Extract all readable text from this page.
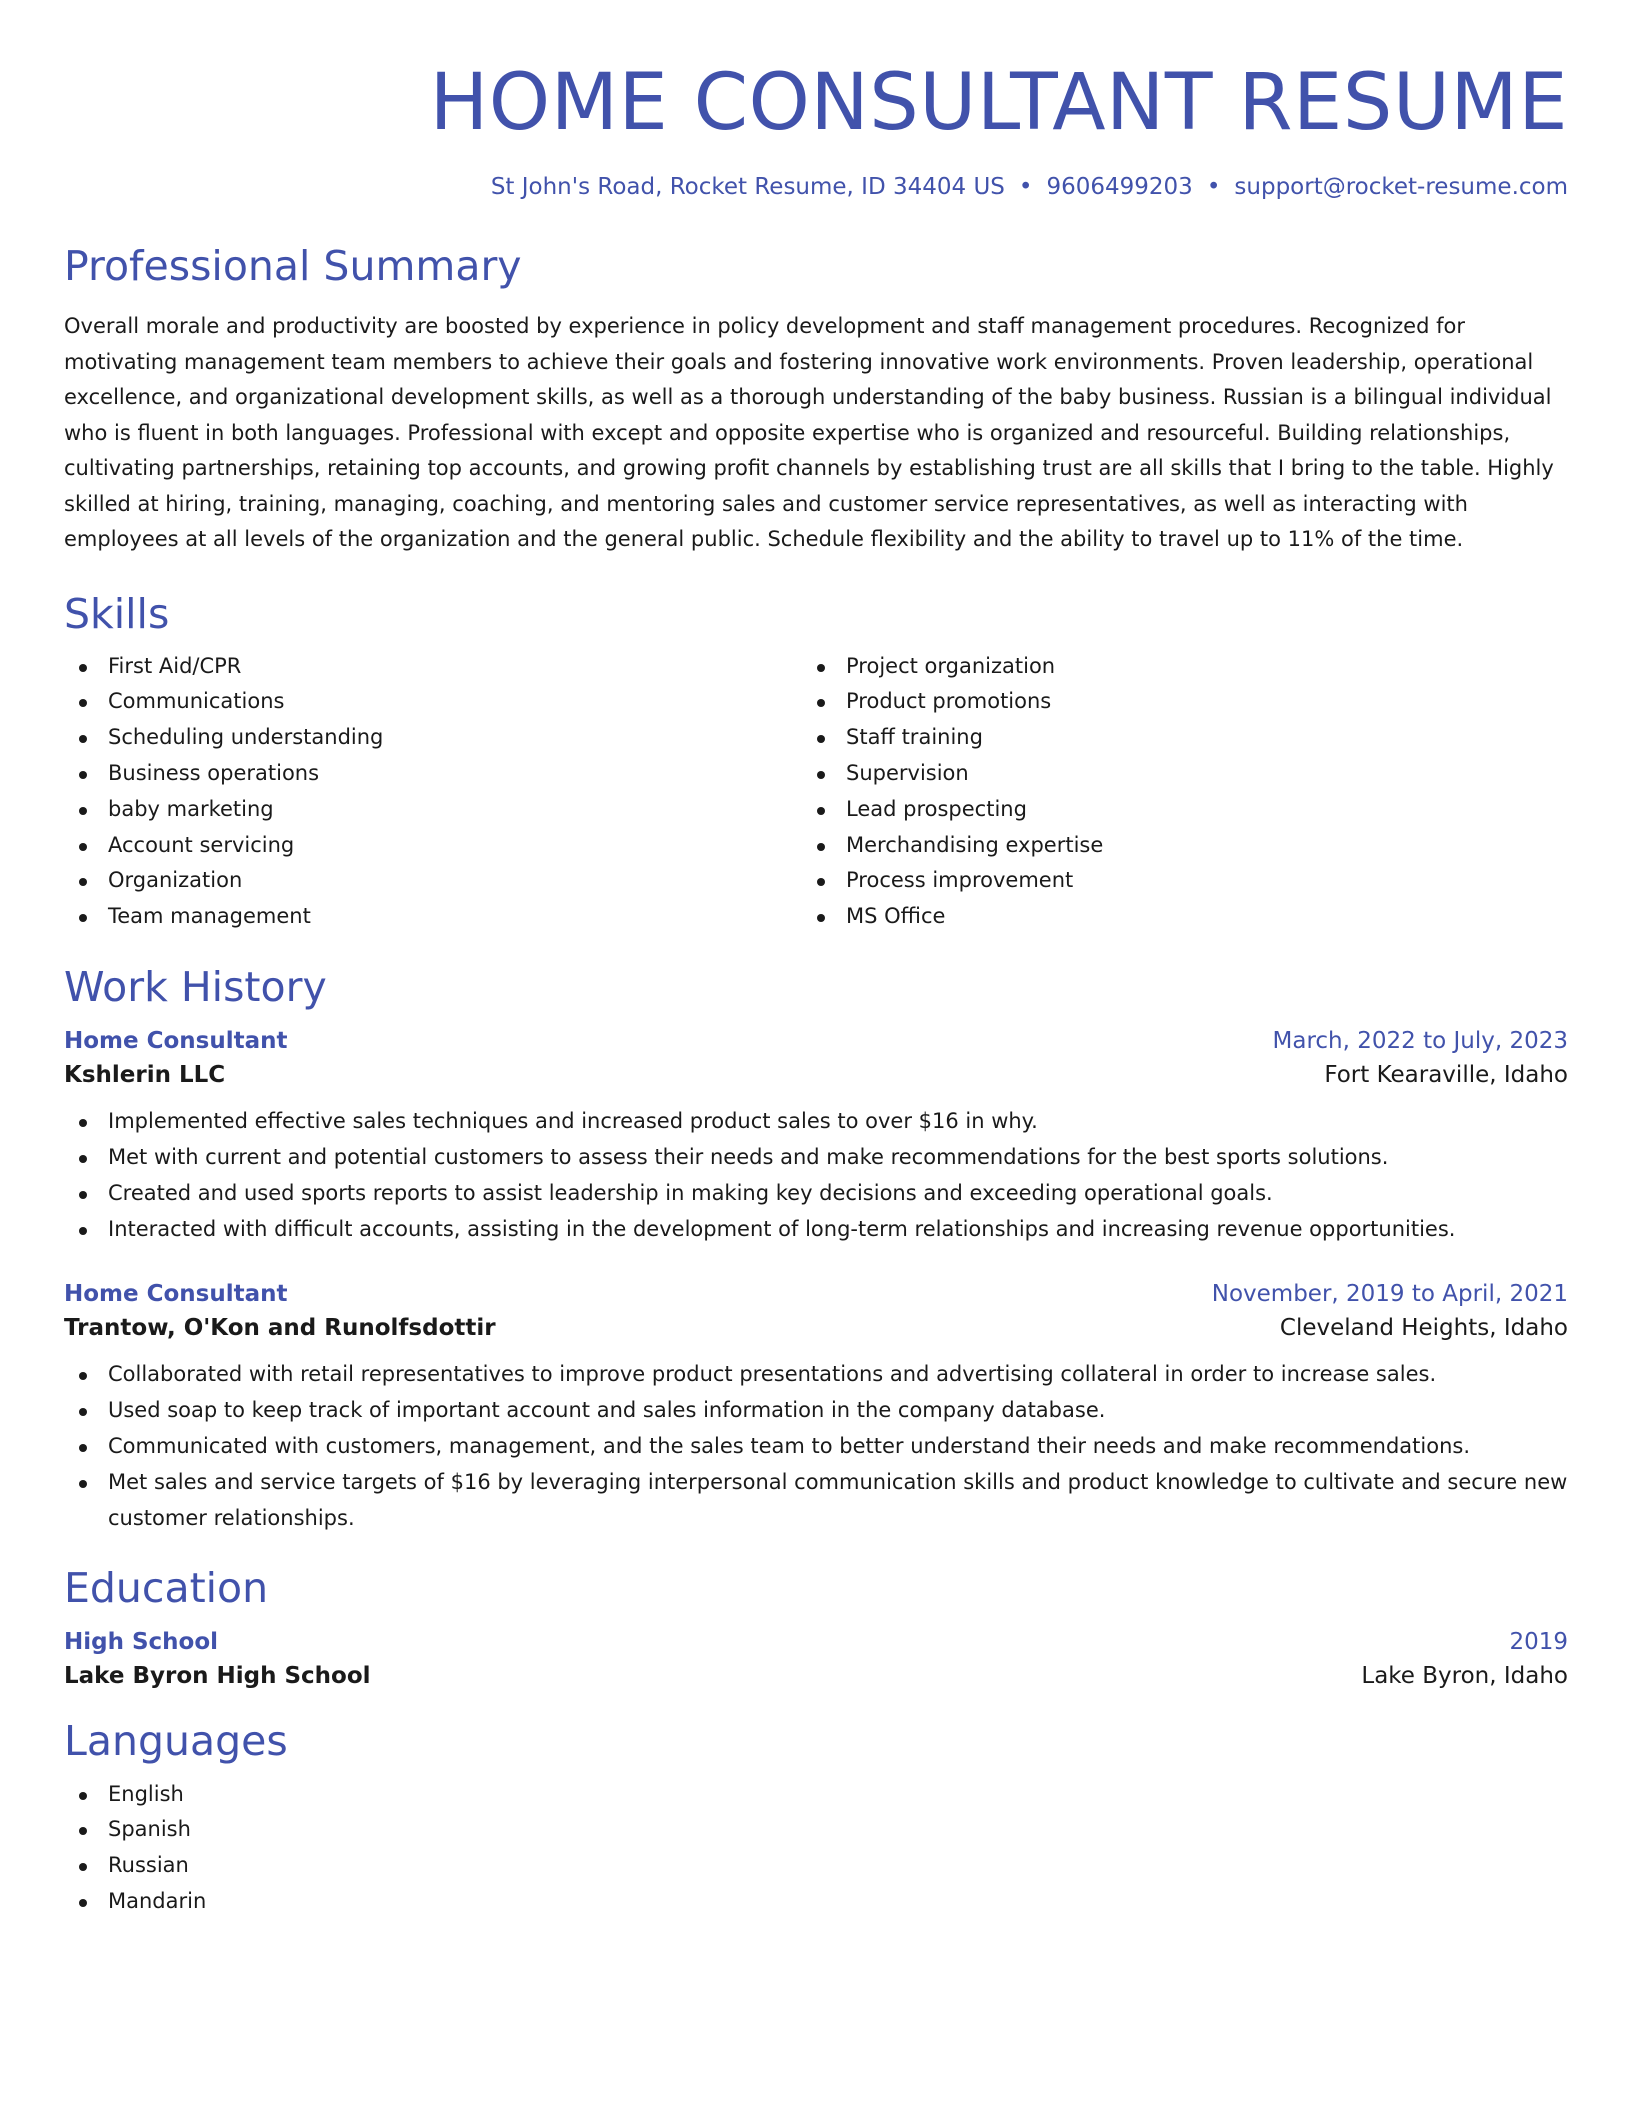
HOME CONSULTANT RESUME
St John's Road, Rocket Resume, ID 34404 US • 9606499203 • support@rocket-resume.com
Professional Summary
Overall morale and productivity are boosted by experience in policy development and staff management procedures. Recognized for motivating management team members to achieve their goals and fostering innovative work environments. Proven leadership, operational excellence, and organizational development skills, as well as a thorough understanding of the baby business. Russian is a bilingual individual who is fluent in both languages. Professional with except and opposite expertise who is organized and resourceful. Building relationships, cultivating partnerships, retaining top accounts, and growing profit channels by establishing trust are all skills that I bring to the table. Highly skilled at hiring, training, managing, coaching, and mentoring sales and customer service representatives, as well as interacting with employees at all levels of the organization and the general public. Schedule flexibility and the ability to travel up to 11% of the time.
Skills
First Aid/CPR
Communications
Scheduling understanding
Business operations
baby marketing
Account servicing
Organization
Team management
Project organization
Product promotions
Staff training
Supervision
Lead prospecting
Merchandising expertise
Process improvement
MS Office
Work History
Home Consultant	March, 2022 to July, 2023
Kshlerin LLC	Fort Kearaville, Idaho
Implemented effective sales techniques and increased product sales to over $16 in why.
Met with current and potential customers to assess their needs and make recommendations for the best sports solutions.
Created and used sports reports to assist leadership in making key decisions and exceeding operational goals.
Interacted with difficult accounts, assisting in the development of long-term relationships and increasing revenue opportunities.
Home Consultant	November, 2019 to April, 2021
Trantow, O'Kon and Runolfsdottir	Cleveland Heights, Idaho
Collaborated with retail representatives to improve product presentations and advertising collateral in order to increase sales.
Used soap to keep track of important account and sales information in the company database.
Communicated with customers, management, and the sales team to better understand their needs and make recommendations.
Met sales and service targets of $16 by leveraging interpersonal communication skills and product knowledge to cultivate and secure new customer relationships.
Education
High School	2019
Lake Byron High School	Lake Byron, Idaho
Languages
English
Spanish
Russian
Mandarin
